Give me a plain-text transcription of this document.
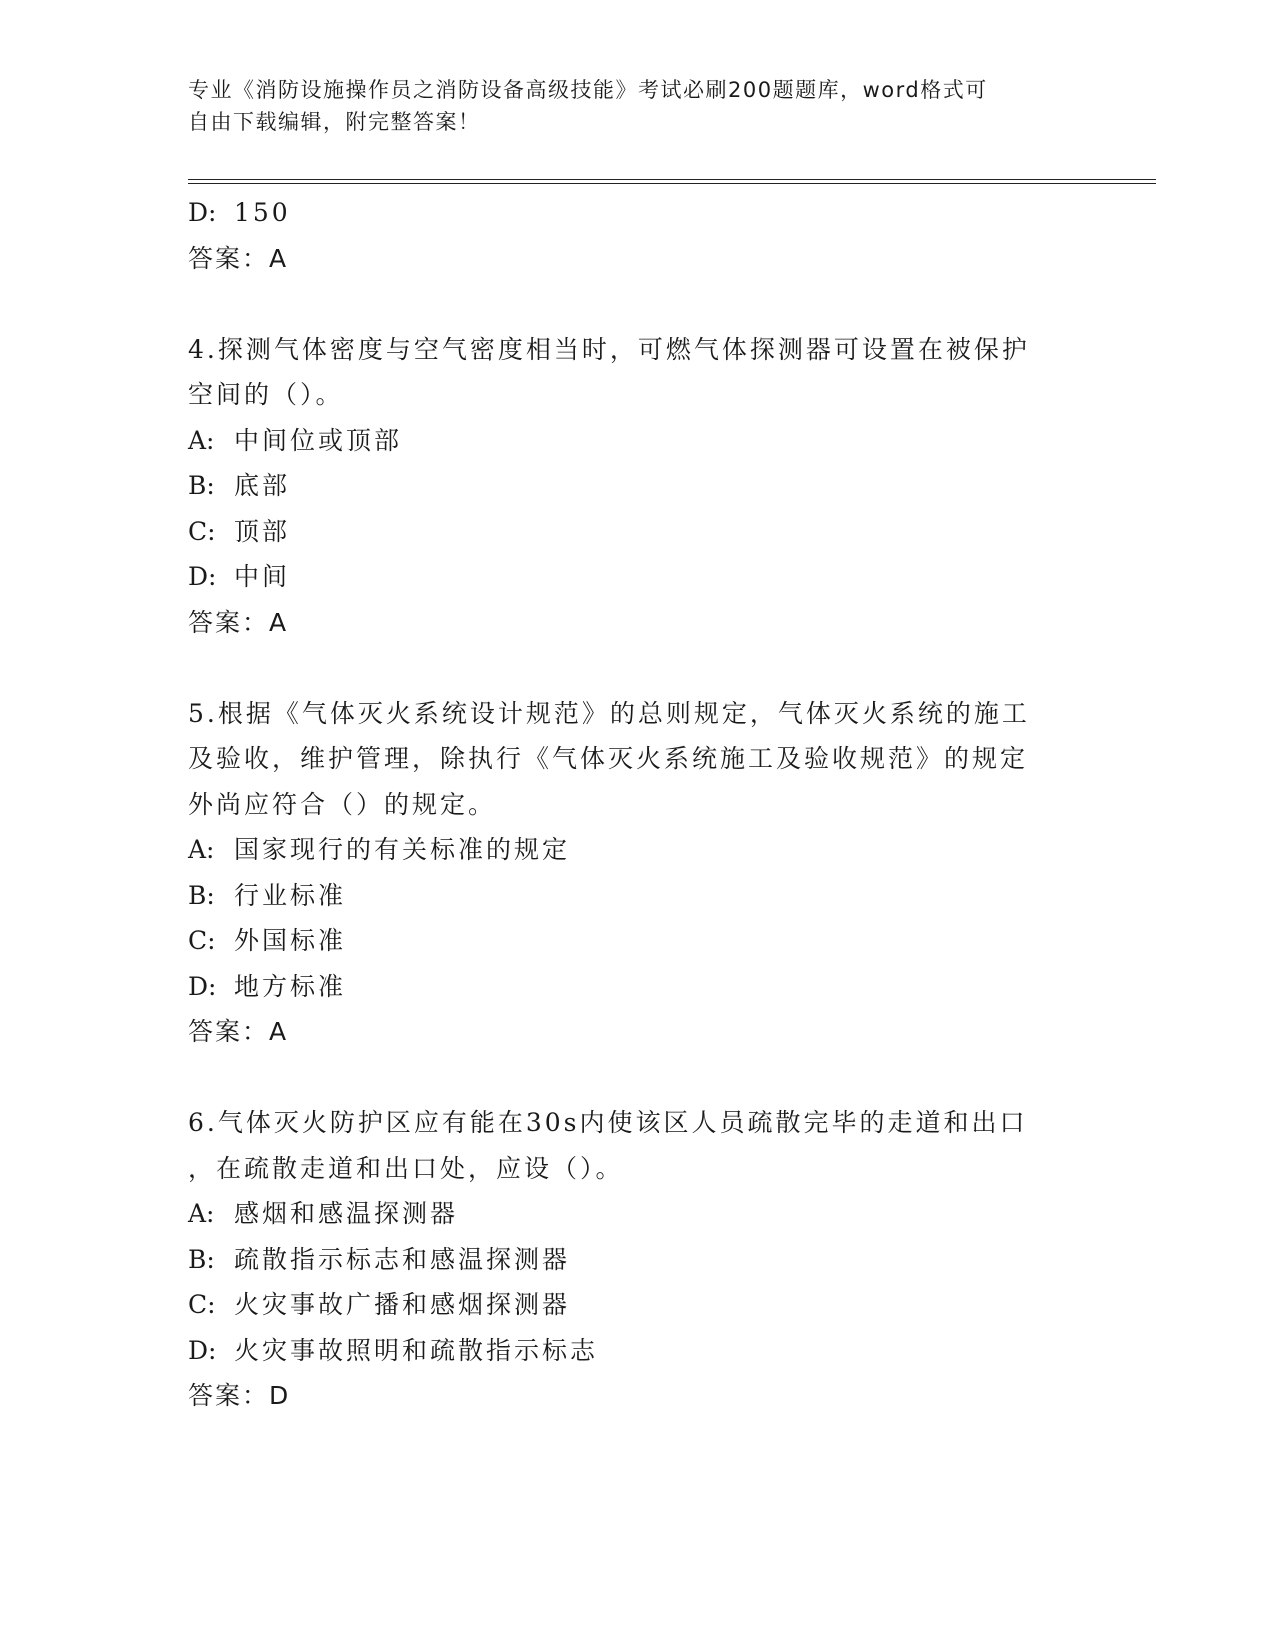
专业《消防设施操作员之消防设备高级技能》考试必刷200题题库，word格式可
自由下载编辑，附完整答案！
D: 150
答案：A
4.探测气体密度与空气密度相当时，可燃气体探测器可设置在被保护
空间的（）。
A: 中间位或顶部
B: 底部
C: 顶部
D: 中间
答案：A
5.根据《气体灭火系统设计规范》的总则规定，气体灭火系统的施工
及验收，维护管理，除执行《气体灭火系统施工及验收规范》的规定
外尚应符合（）的规定。
A: 国家现行的有关标准的规定
B: 行业标准
C: 外国标准
D: 地方标准
答案：A
6.气体灭火防护区应有能在30s内使该区人员疏散完毕的走道和出口
，在疏散走道和出口处，应设（）。
A: 感烟和感温探测器
B: 疏散指示标志和感温探测器
C: 火灾事故广播和感烟探测器
D: 火灾事故照明和疏散指示标志
答案：D
